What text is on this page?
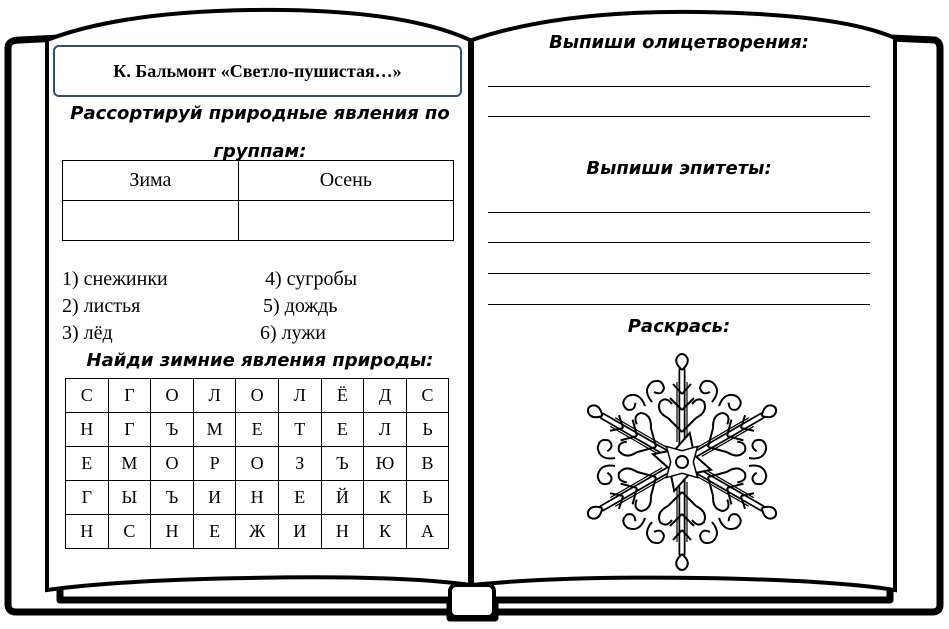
К. Бальмонт «Светло-пушистая…»
Рассортируй природные явления по группам:
Зима	Осень

1) снежинки
2) листья
3) лёд
4) сугробы
5) дождь
6) лужи
Найди зимние явления природы:
С	Г	О	Л	О	Л	Ё	Д	С
Н	Г	Ъ	М	Е	Т	Е	Л	Ь
Е	М	О	Р	О	З	Ъ	Ю	В
Г	Ы	Ъ	И	Н	Е	Й	К	Ь
Н	С	Н	Е	Ж	И	Н	К	А
Выпиши олицетворения:
Выпиши эпитеты:
Раскрась:
